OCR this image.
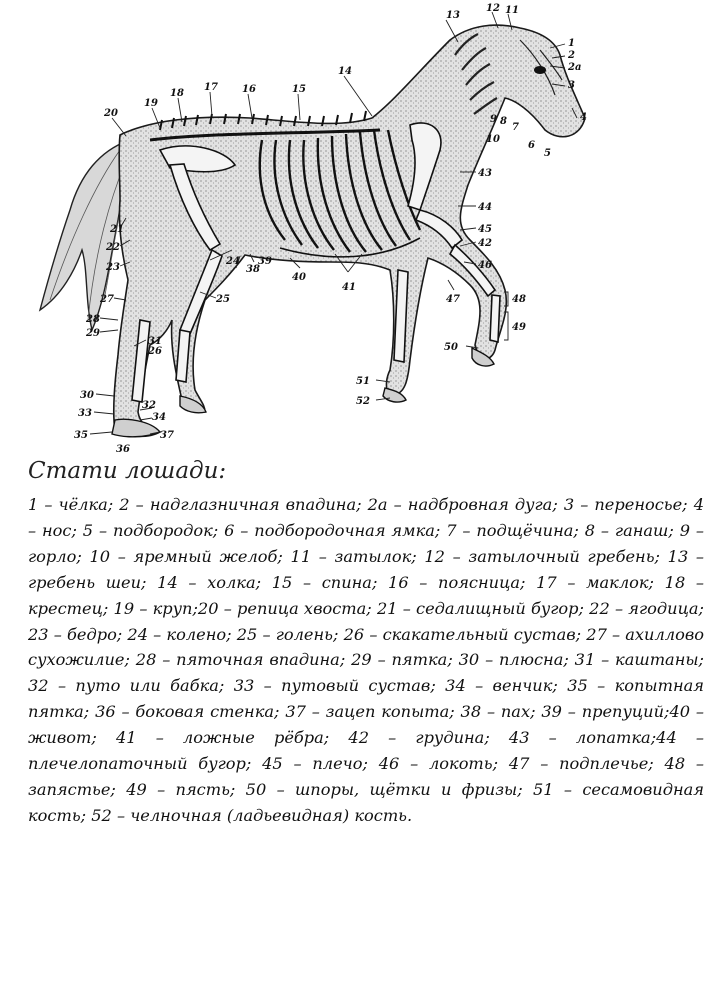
13
12 11
1
2
2а
3
4
5
6
7
8
9
10
14
15
16
17
18
19
20
21
22
23
24
25
26
27
28
29
30
31
32
33	34
35
36
37
38
39
40
41
42
43
44
45
46
47	48
49
50
51
52

Стати лошади:

1 – чёлка; 2 – надглазничная впадина; 2а – надбровная дуга; 3 – переносье; 4 – нос; 5 – подбородок; 6 – подбородочная ямка; 7 – подщёчина; 8 – ганаш; 9 – горло; 10 – яремный желоб; 11 – затылок; 12 – затылочный гребень; 13 – гребень шеи; 14 – холка; 15 – спина; 16 – поясница; 17 – маклок; 18 – крестец; 19 – круп;20 – репица хвоста; 21 – седалищный бугор; 22 – ягодица; 23 – бедро; 24 – колено; 25 – голень; 26 – скакательный сустав; 27 – ахиллово сухожилие; 28 – пяточная впадина; 29 – пятка; 30 – плюсна; 31 – каштаны; 32 – путо или бабка; 33 – путовый сустав; 34 – венчик; 35 – копытная пятка; 36 – боковая стенка; 37 – зацеп копыта; 38 – пах; 39 – препуций;40 – живот; 41 – ложные рёбра; 42 – грудина; 43 – лопатка;44 – плечелопаточный бугор; 45 – плечо; 46 – локоть; 47 – подплечье; 48 – запястье; 49 – пясть; 50 – шпоры, щётки и фризы; 51 – сесамовидная кость; 52 – челночная (ладьевидная) кость.
